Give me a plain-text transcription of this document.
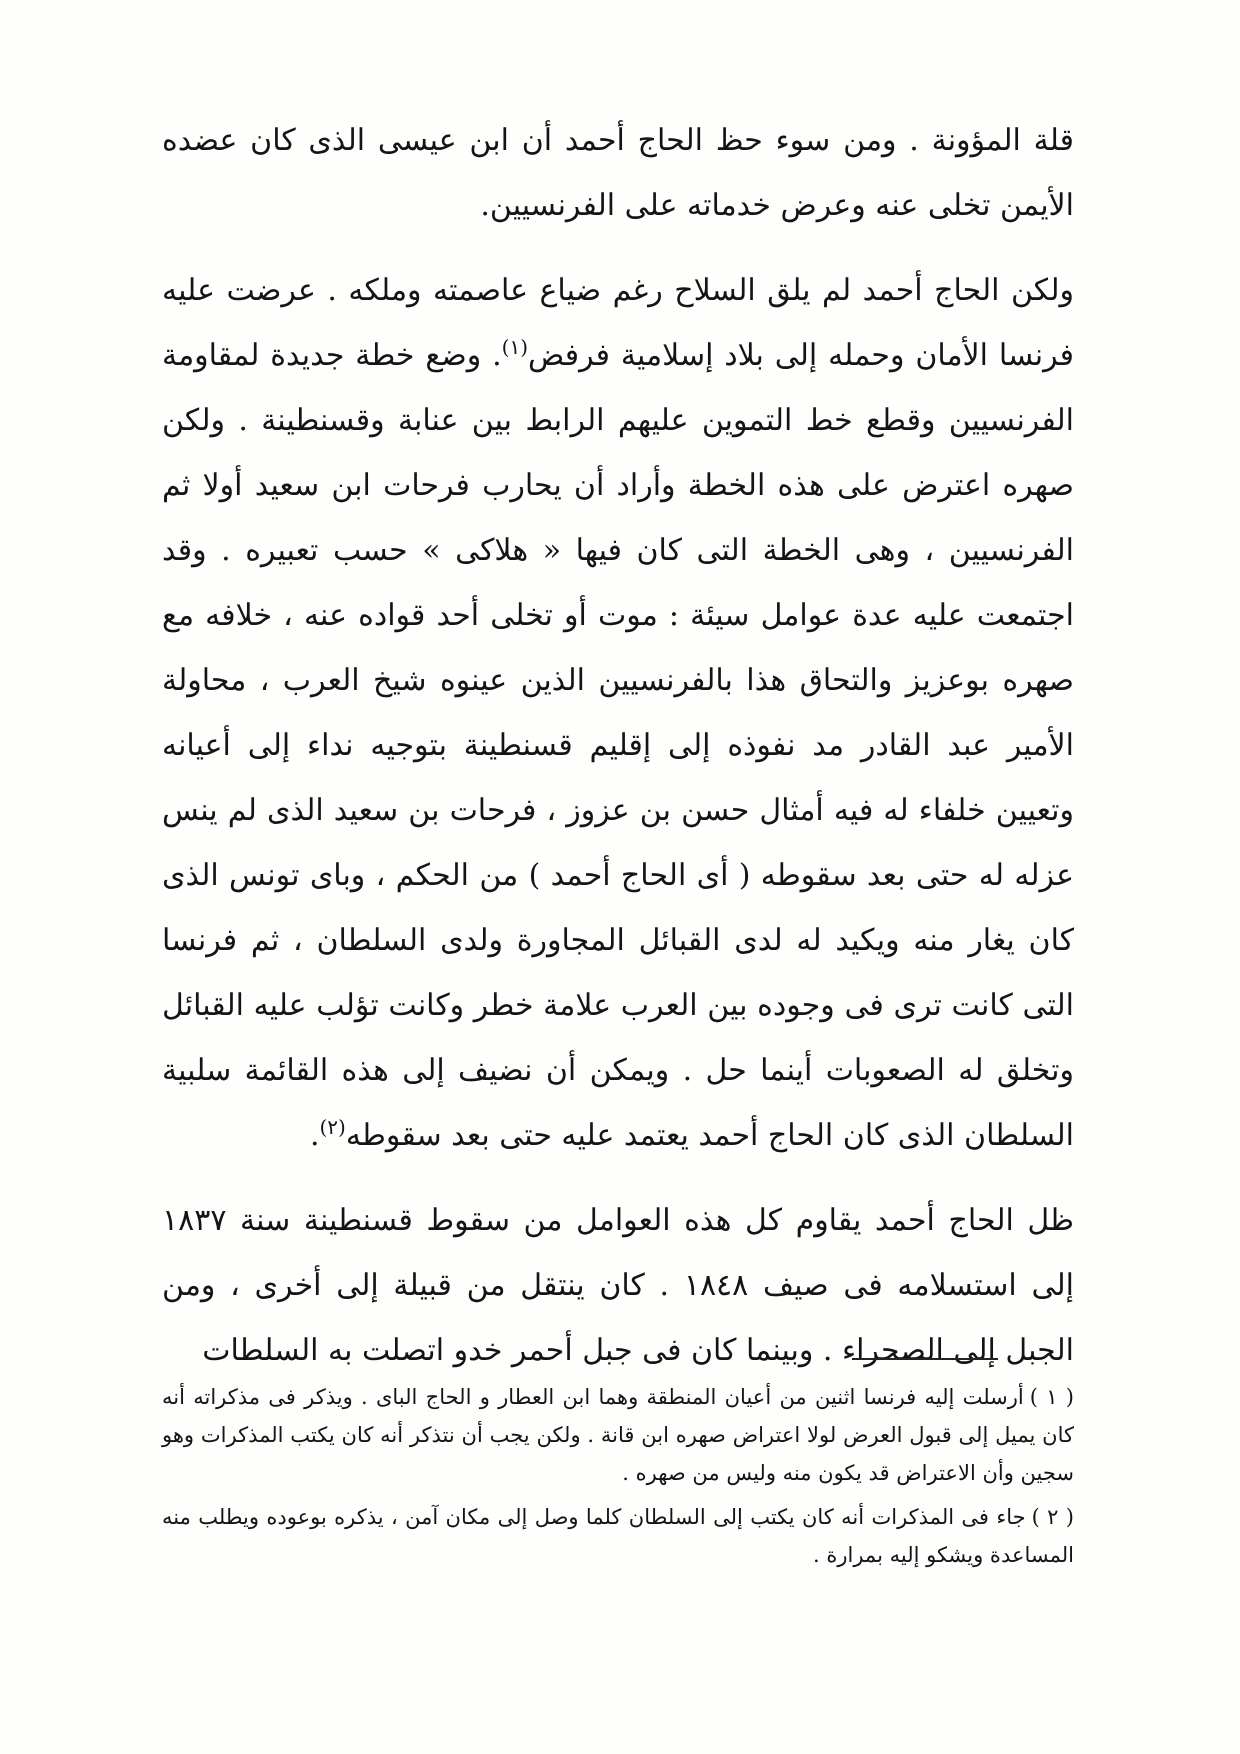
قلة المؤونة . ومن سوء حظ الحاج أحمد أن ابن عيسى الذى كان عضده الأيمن تخلى عنه وعرض خدماته على الفرنسيين.

ولكن الحاج أحمد لم يلق السلاح رغم ضياع عاصمته وملكه . عرضت عليه فرنسا الأمان وحمله إلى بلاد إسلامية فرفض$^{(١)}$. وضع خطة جديدة لمقاومة الفرنسيين وقطع خط التموين عليهم الرابط بين عنابة وقسنطينة . ولكن صهره اعترض على هذه الخطة وأراد أن يحارب فرحات ابن سعيد أولا ثم الفرنسيين ، وهى الخطة التى كان فيها « هلاكى » حسب تعبيره . وقد اجتمعت عليه عدة عوامل سيئة : موت أو تخلى أحد قواده عنه ، خلافه مع صهره بوعزيز والتحاق هذا بالفرنسيين الذين عينوه شيخ العرب ، محاولة الأمير عبد القادر مد نفوذه إلى إقليم قسنطينة بتوجيه نداء إلى أعيانه وتعيين خلفاء له فيه أمثال حسن بن عزوز ، فرحات بن سعيد الذى لم ينس عزله له حتى بعد سقوطه ( أى الحاج أحمد ) من الحكم ، وباى تونس الذى كان يغار منه ويكيد له لدى القبائل المجاورة ولدى السلطان ، ثم فرنسا التى كانت ترى فى وجوده بين العرب علامة خطر وكانت تؤلب عليه القبائل وتخلق له الصعوبات أينما حل . ويمكن أن نضيف إلى هذه القائمة سلبية السلطان الذى كان الحاج أحمد يعتمد عليه حتى بعد سقوطه$^{(٢)}$.

ظل الحاج أحمد يقاوم كل هذه العوامل من سقوط قسنطينة سنة ١٨٣٧ إلى استسلامه فى صيف ١٨٤٨ . كان ينتقل من قبيلة إلى أخرى ، ومن الجبل إلى الصحراء . وبينما كان فى جبل أحمر خدو اتصلت به السلطات

( ١ )أرسلت إليه فرنسا اثنين من أعيان المنطقة وهما ابن العطار و الحاج الباى . ويذكر فى مذكراته أنه كان يميل إلى قبول العرض لولا اعتراض صهره ابن قانة . ولكن يجب أن نتذكر أنه كان يكتب المذكرات وهو سجين وأن الاعتراض قد يكون منه وليس من صهره .

( ٢ )جاء فى المذكرات أنه كان يكتب إلى السلطان كلما وصل إلى مكان آمن ، يذكره بوعوده ويطلب منه المساعدة ويشكو إليه بمرارة .
